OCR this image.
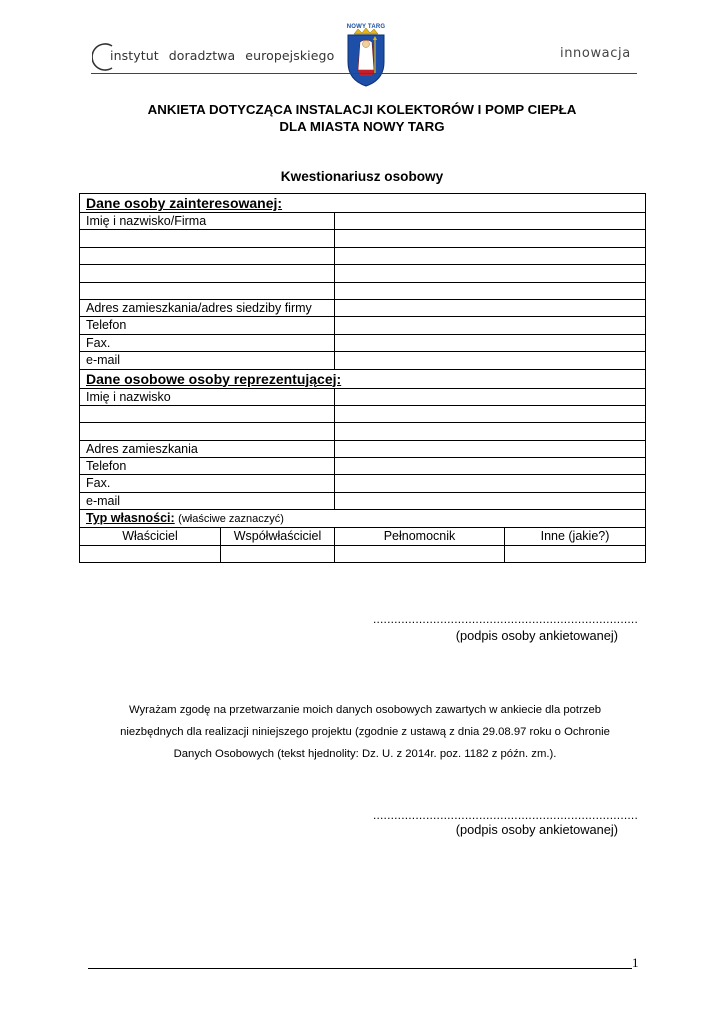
instytut doradztwa europejskiego
NOWY TARG
innowacja
ANKIETA DOTYCZĄCA INSTALACJI KOLEKTORÓW I POMP CIEPŁA
DLA MIASTA NOWY TARG
Kwestionariusz osobowy
Dane osoby zainteresowanej:			
Imię i nazwisko/Firma			

Adres zamieszkania/adres siedziby firmy			
Telefon			
Fax.			
e-mail			
Dane osobowe osoby reprezentującej:			
Imię i nazwisko			

Adres zamieszkania			
Telefon			
Fax.			
e-mail			
Typ własności: (właściwe zaznaczyć)			
Właściciel	Współwłaściciel	Pełnomocnik	Inne (jakie?)

...........................................................................
(podpis osoby ankietowanej)
Wyrażam zgodę na przetwarzanie moich danych osobowych zawartych w ankiecie dla potrzeb
niezbędnych dla realizacji niniejszego projektu (zgodnie z ustawą z dnia 29.08.97 roku o Ochronie
Danych Osobowych (tekst hjednolity: Dz. U. z 2014r. poz. 1182 z późn. zm.).
...........................................................................
(podpis osoby ankietowanej)
1
